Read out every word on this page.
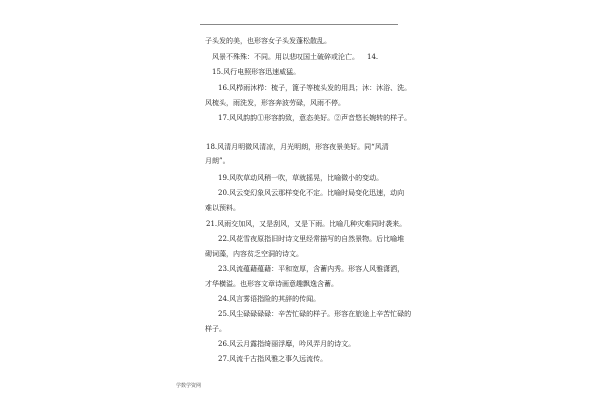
子头发的美，也形容女子头发蓬松散乱。
风景不殊殊：不同。用以悲叹国土破碎或沦亡。 14.
15.风行电照形容迅速威猛。
16.风栉雨沐栉：梳子，篦子等梳头发的用具；沐：沐浴、洗。
风梳头，雨洗发，形容奔波劳碌，风雨不停。
17.风风韵韵①形容韵致，意态美好。②声音悠长婉转的样子。
18.风清月明微风清凉，月光明朗，形容夜景美好。同“风清
月朗”。
19.风吹草动风稍一吹，草就摇晃，比喻微小的变动。
20.风云变幻象风云那样变化不定。比喻时局变化迅速，动向
难以预料。
21.风雨交加风，又是刮风，又是下雨。比喻几种灾难同时袭来。
22.风花雪夜原指旧时诗文里经常描写的自然景物。后比喻堆
砌词藻，内容贫乏空洞的诗文。
23.风流蕴藉蕴藉：平和宽厚，含蓄内秀。形容人风雅潇洒，
才华横溢。也形容文章诗画意趣飘逸含蓄。
24.风言雾语指险的其辞的传闻。
25.风尘碌碌碌碌：辛苦忙碌的样子。形容在旅途上辛苦忙碌的
样子。
26.风云月露指绮丽浮靡，吟风弄月的诗文。
27.风流千古指风雅之事久远流传。
学数学资网
